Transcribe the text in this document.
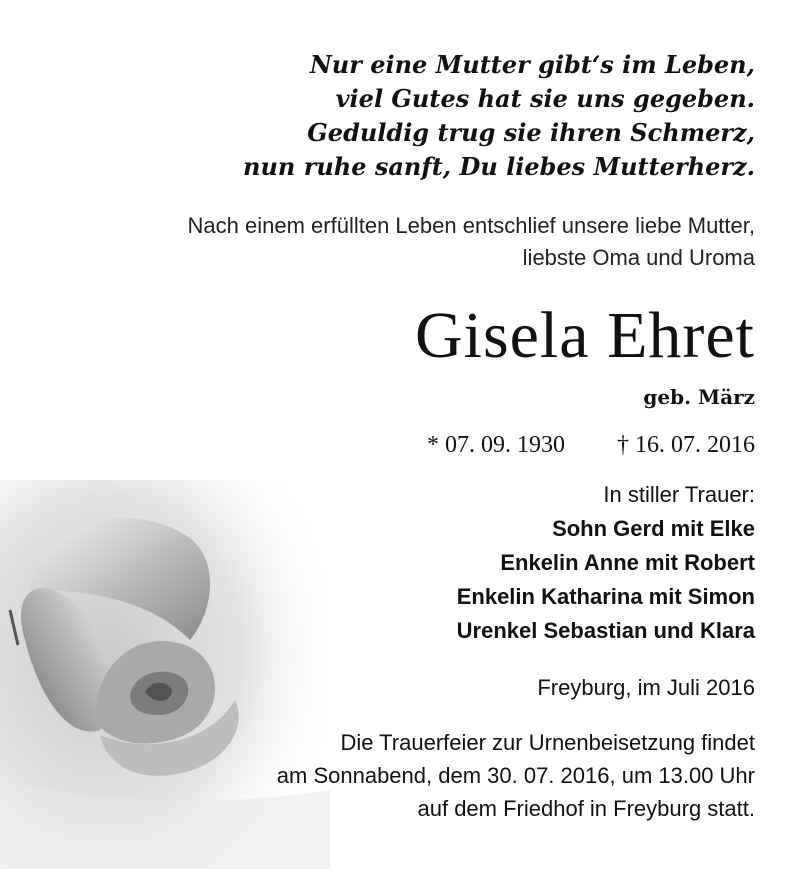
Nur eine Mutter gibt‘s im Leben,
viel Gutes hat sie uns gegeben.
Geduldig trug sie ihren Schmerz,
nun ruhe sanft, Du liebes Mutterherz.
Nach einem erfüllten Leben entschlief unsere liebe Mutter,
liebste Oma und Uroma
Gisela Ehret
geb. März
* 07. 09. 1930 † 16. 07. 2016
In stiller Trauer:
Sohn Gerd mit Elke
Enkelin Anne mit Robert
Enkelin Katharina mit Simon
Urenkel Sebastian und Klara
Freyburg, im Juli 2016
Die Trauerfeier zur Urnenbeisetzung findet
am Sonnabend, dem 30. 07. 2016, um 13.00 Uhr
auf dem Friedhof in Freyburg statt.
